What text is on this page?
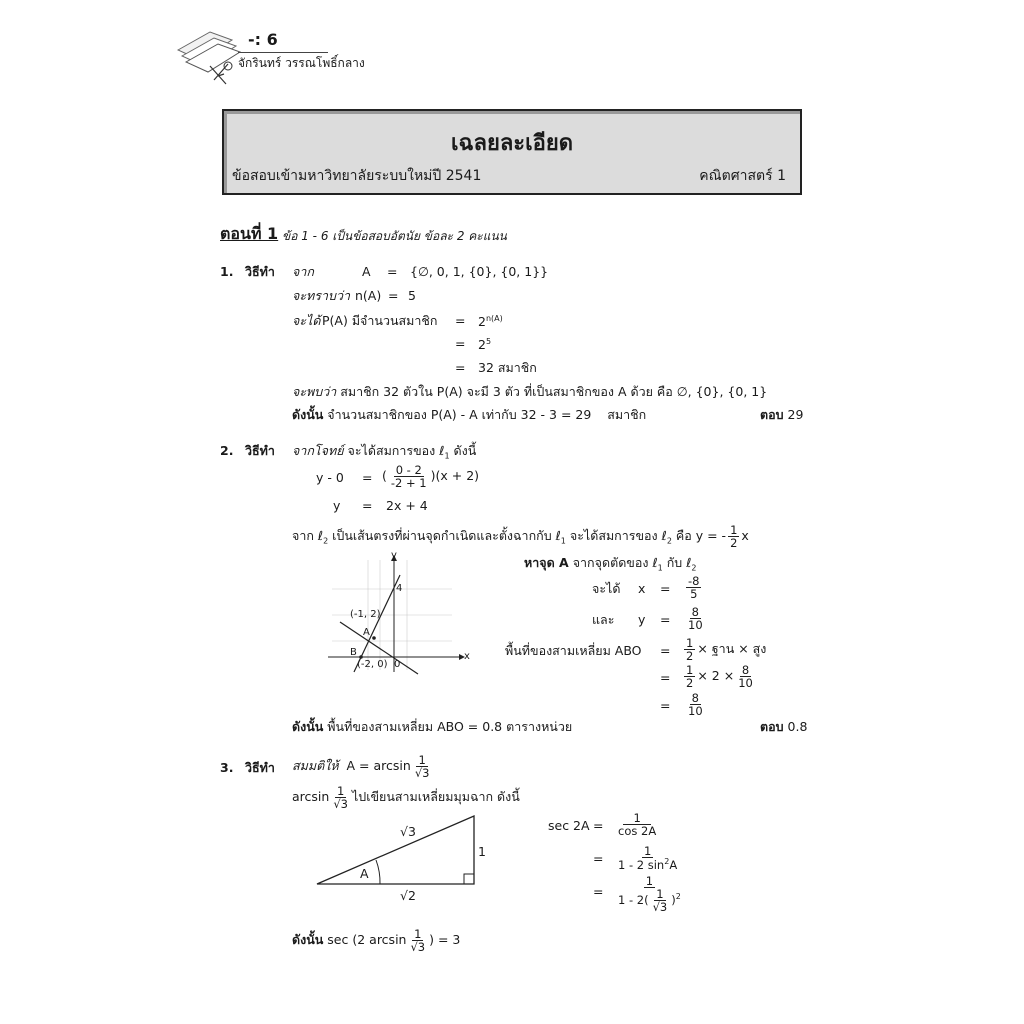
-: 6
จักรินทร์ วรรณโพธิ์กลาง
เฉลยละเอียด
ข้อสอบเข้ามหาวิทยาลัยระบบใหม่ปี 2541	คณิตศาสตร์ 1
ตอนที่ 1 ข้อ 1 - 6 เป็นข้อสอบอัตนัย ข้อละ 2 คะแนน
1. วิธีทำ จาก	A = {∅, 0, 1, {0}, {0, 1}}
จะทราบว่า n(A) = 5
จะได้ P(A) มีจำนวนสมาชิก = $2^{n(A)}$
= $2^5$
= 32 สมาชิก
จะพบว่า สมาชิก 32 ตัวใน P(A) จะมี 3 ตัว ที่เป็นสมาชิกของ A ด้วย คือ ∅, {0}, {0, 1}
ดังนั้น จำนวนสมาชิกของ P(A) - A เท่ากับ 32 - 3 = 29 สมาชิก	ตอบ 29
2. วิธีทำ จากโจทย์ จะได้สมการของ ℓ$_1$ ดังนี้
y - 0 = ( $\frac{0 - 2}{-2 + 1} )(x + 2)$
y = 2x + 4
จาก ℓ$_2$ เป็นเส้นตรงที่ผ่านจุดกำเนิดและตั้งฉากกับ ℓ$_1$ จะได้สมการของ ℓ$_2$ คือ y = - $\frac{1}{2}$ x
y
x
4
(-1, 2)
A
B
(-2, 0) 0
หาจุด A จากจุดตัดของ ℓ$_1$ กับ ℓ$_2$
จะได้ $x = \frac{-8}{5}$
และ $y = \frac{8}{10}$
พื้นที่ของสามเหลี่ยม ABO = $\frac{1}{2}$ × ฐาน × สูง
= $\frac{1}{2} \times 2 \times \frac{8}{10}$
= $\frac{8}{10}$
ดังนั้น พื้นที่ของสามเหลี่ยม ABO = 0.8 ตารางหน่วย	ตอบ 0.8
3. วิธีทำ สมมติให้ $A = \arcsin \frac{1}{√3}$
$\arcsin \frac{1}{√3}$ ไปเขียนสามเหลี่ยมมุมฉาก ดังนี้
√3
1
√2
A
$\sec 2A = \frac{1}{\cos 2A}$
= $\frac{1}{1 - 2 \sin^2A}$
= $\frac{1}{1 - 2( \frac{1}{√3} )^2}$
ดังนั้น sec (2 $\arcsin \frac{1}{√3}$ ) = 3
